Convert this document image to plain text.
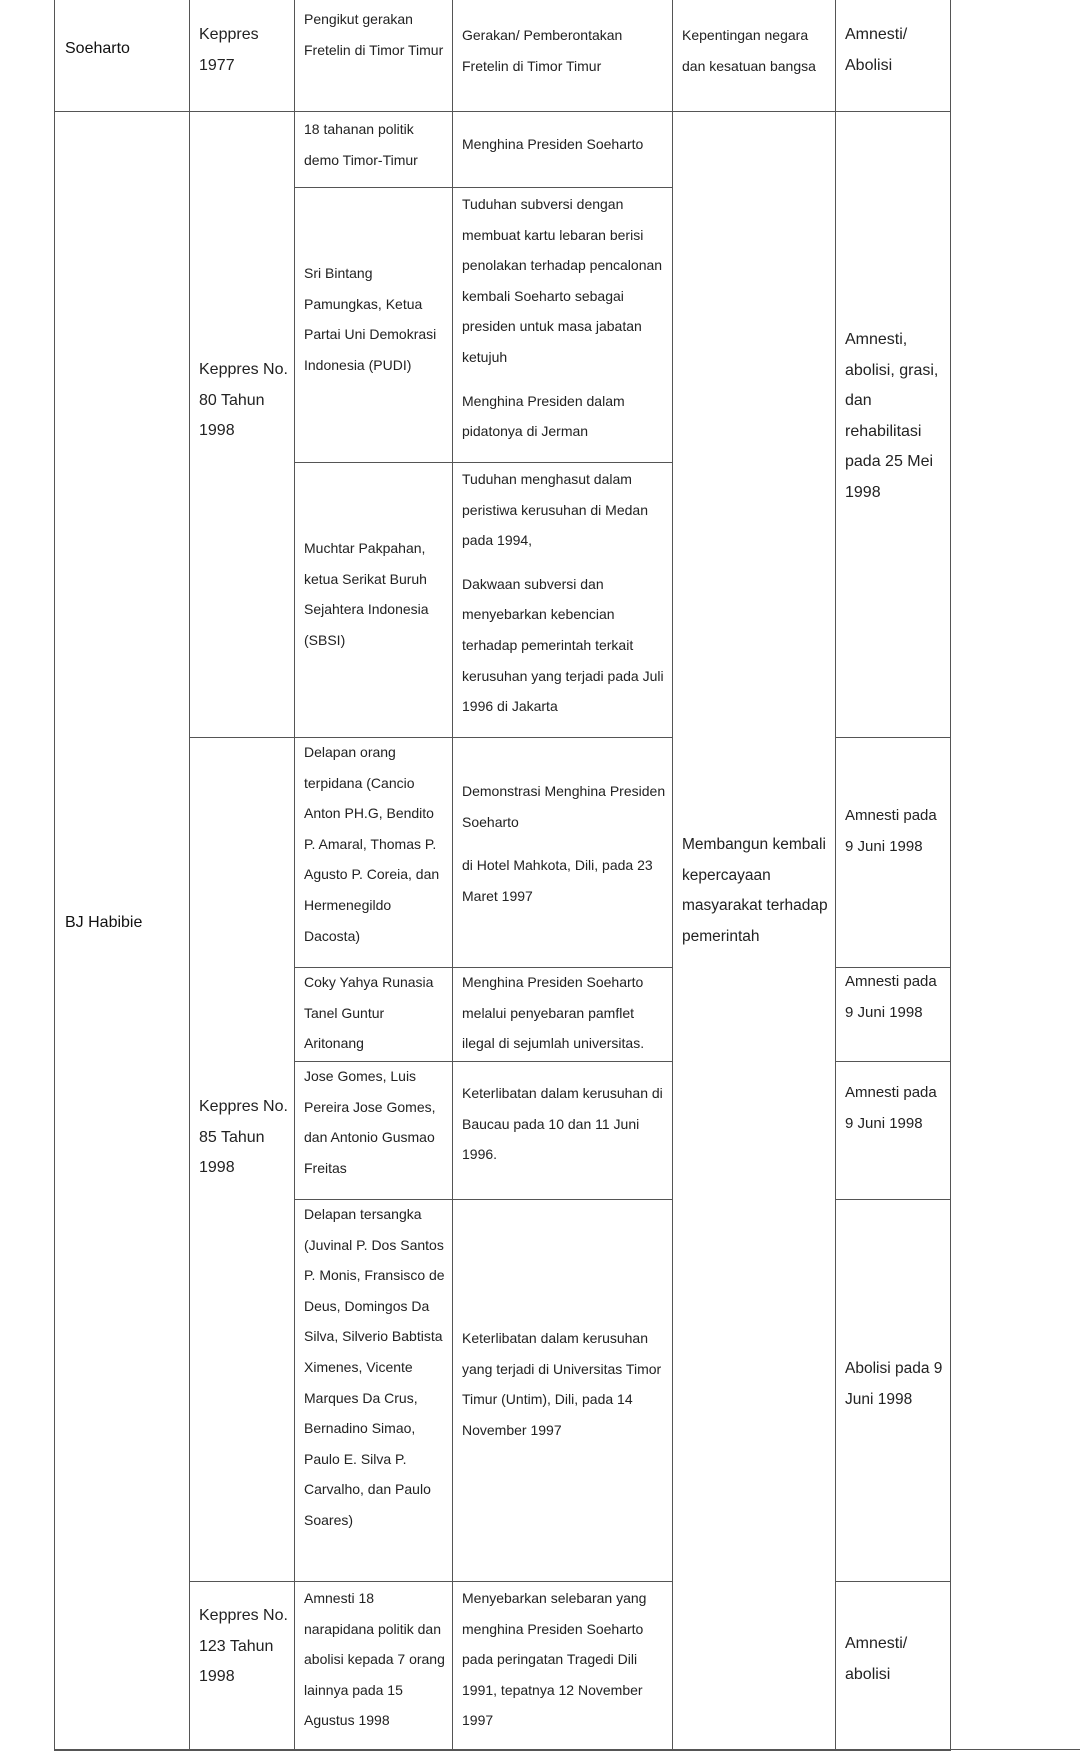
Soeharto
Keppres 1977
Pengikut gerakan Fretelin di Timor Timur
Gerakan/ Pemberontakan Fretelin di Timor Timur
Kepentingan negara dan kesatuan bangsa
Amnesti/ Abolisi
BJ Habibie
Membangun kembali kepercayaan masyarakat terhadap pemerintah
Keppres No. 80 Tahun 1998
Amnesti, abolisi, grasi, dan rehabilitasi pada 25 Mei 1998
18 tahanan politik demo Timor-Timur
Menghina Presiden Soeharto
Sri Bintang Pamungkas, Ketua Partai Uni Demokrasi Indonesia (PUDI)
Tuduhan subversi dengan membuat kartu lebaran berisi penolakan terhadap pencalonan kembali Soeharto sebagai presiden untuk masa jabatan ketujuh
Menghina Presiden dalam pidatonya di Jerman
Muchtar Pakpahan, ketua Serikat Buruh Sejahtera Indonesia (SBSI)
Tuduhan menghasut dalam peristiwa kerusuhan di Medan pada 1994,
Dakwaan subversi dan menyebarkan kebencian terhadap pemerintah terkait kerusuhan yang terjadi pada Juli 1996 di Jakarta
Keppres No. 85 Tahun 1998
Delapan orang terpidana (Cancio Anton PH.G, Bendito P. Amaral, Thomas P. Agusto P. Coreia, dan Hermenegildo Dacosta)
Demonstrasi Menghina Presiden Soeharto
di Hotel Mahkota, Dili, pada 23 Maret 1997
Amnesti pada 9 Juni 1998
Coky Yahya Runasia Tanel Guntur Aritonang
Menghina Presiden Soeharto melalui penyebaran pamflet ilegal di sejumlah universitas.
Amnesti pada 9 Juni 1998
Jose Gomes, Luis Pereira Jose Gomes, dan Antonio Gusmao Freitas
Keterlibatan dalam kerusuhan di Baucau pada 10 dan 11 Juni 1996.
Amnesti pada 9 Juni 1998
Delapan tersangka (Juvinal P. Dos Santos P. Monis, Fransisco de Deus, Domingos Da Silva, Silverio Babtista Ximenes, Vicente Marques Da Crus, Bernadino Simao, Paulo E. Silva P. Carvalho, dan Paulo Soares)
Keterlibatan dalam kerusuhan yang terjadi di Universitas Timor Timur (Untim), Dili, pada 14 November 1997
Abolisi pada 9 Juni 1998
Keppres No. 123 Tahun 1998
Amnesti 18 narapidana politik dan abolisi kepada 7 orang lainnya pada 15 Agustus 1998
Menyebarkan selebaran yang menghina Presiden Soeharto pada peringatan Tragedi Dili 1991, tepatnya 12 November 1997
Amnesti/ abolisi
